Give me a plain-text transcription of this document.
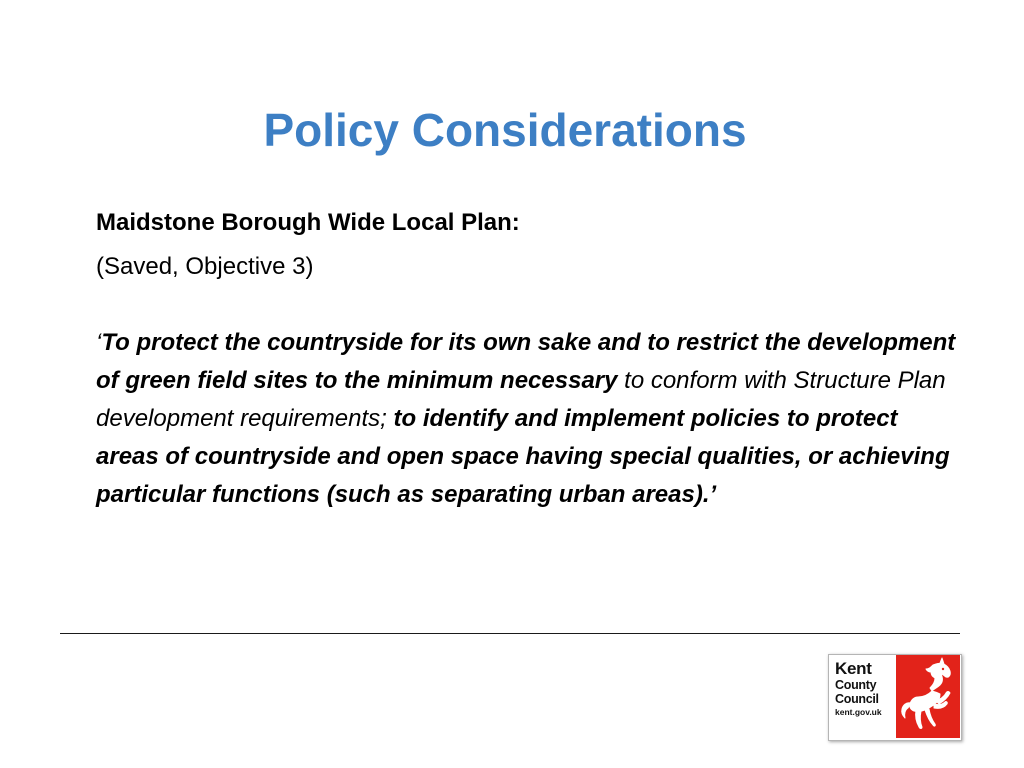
Policy Considerations

Maidstone Borough Wide Local Plan:

(Saved, Objective 3)

‘To protect the countryside for its own sake and to restrict the development of green field sites to the minimum necessary to conform with Structure Plan development requirements; to identify and implement policies to protect areas of countryside and open space having special qualities, or achieving particular functions (such as separating urban areas).’

Kent
County
Council
kent.gov.uk
